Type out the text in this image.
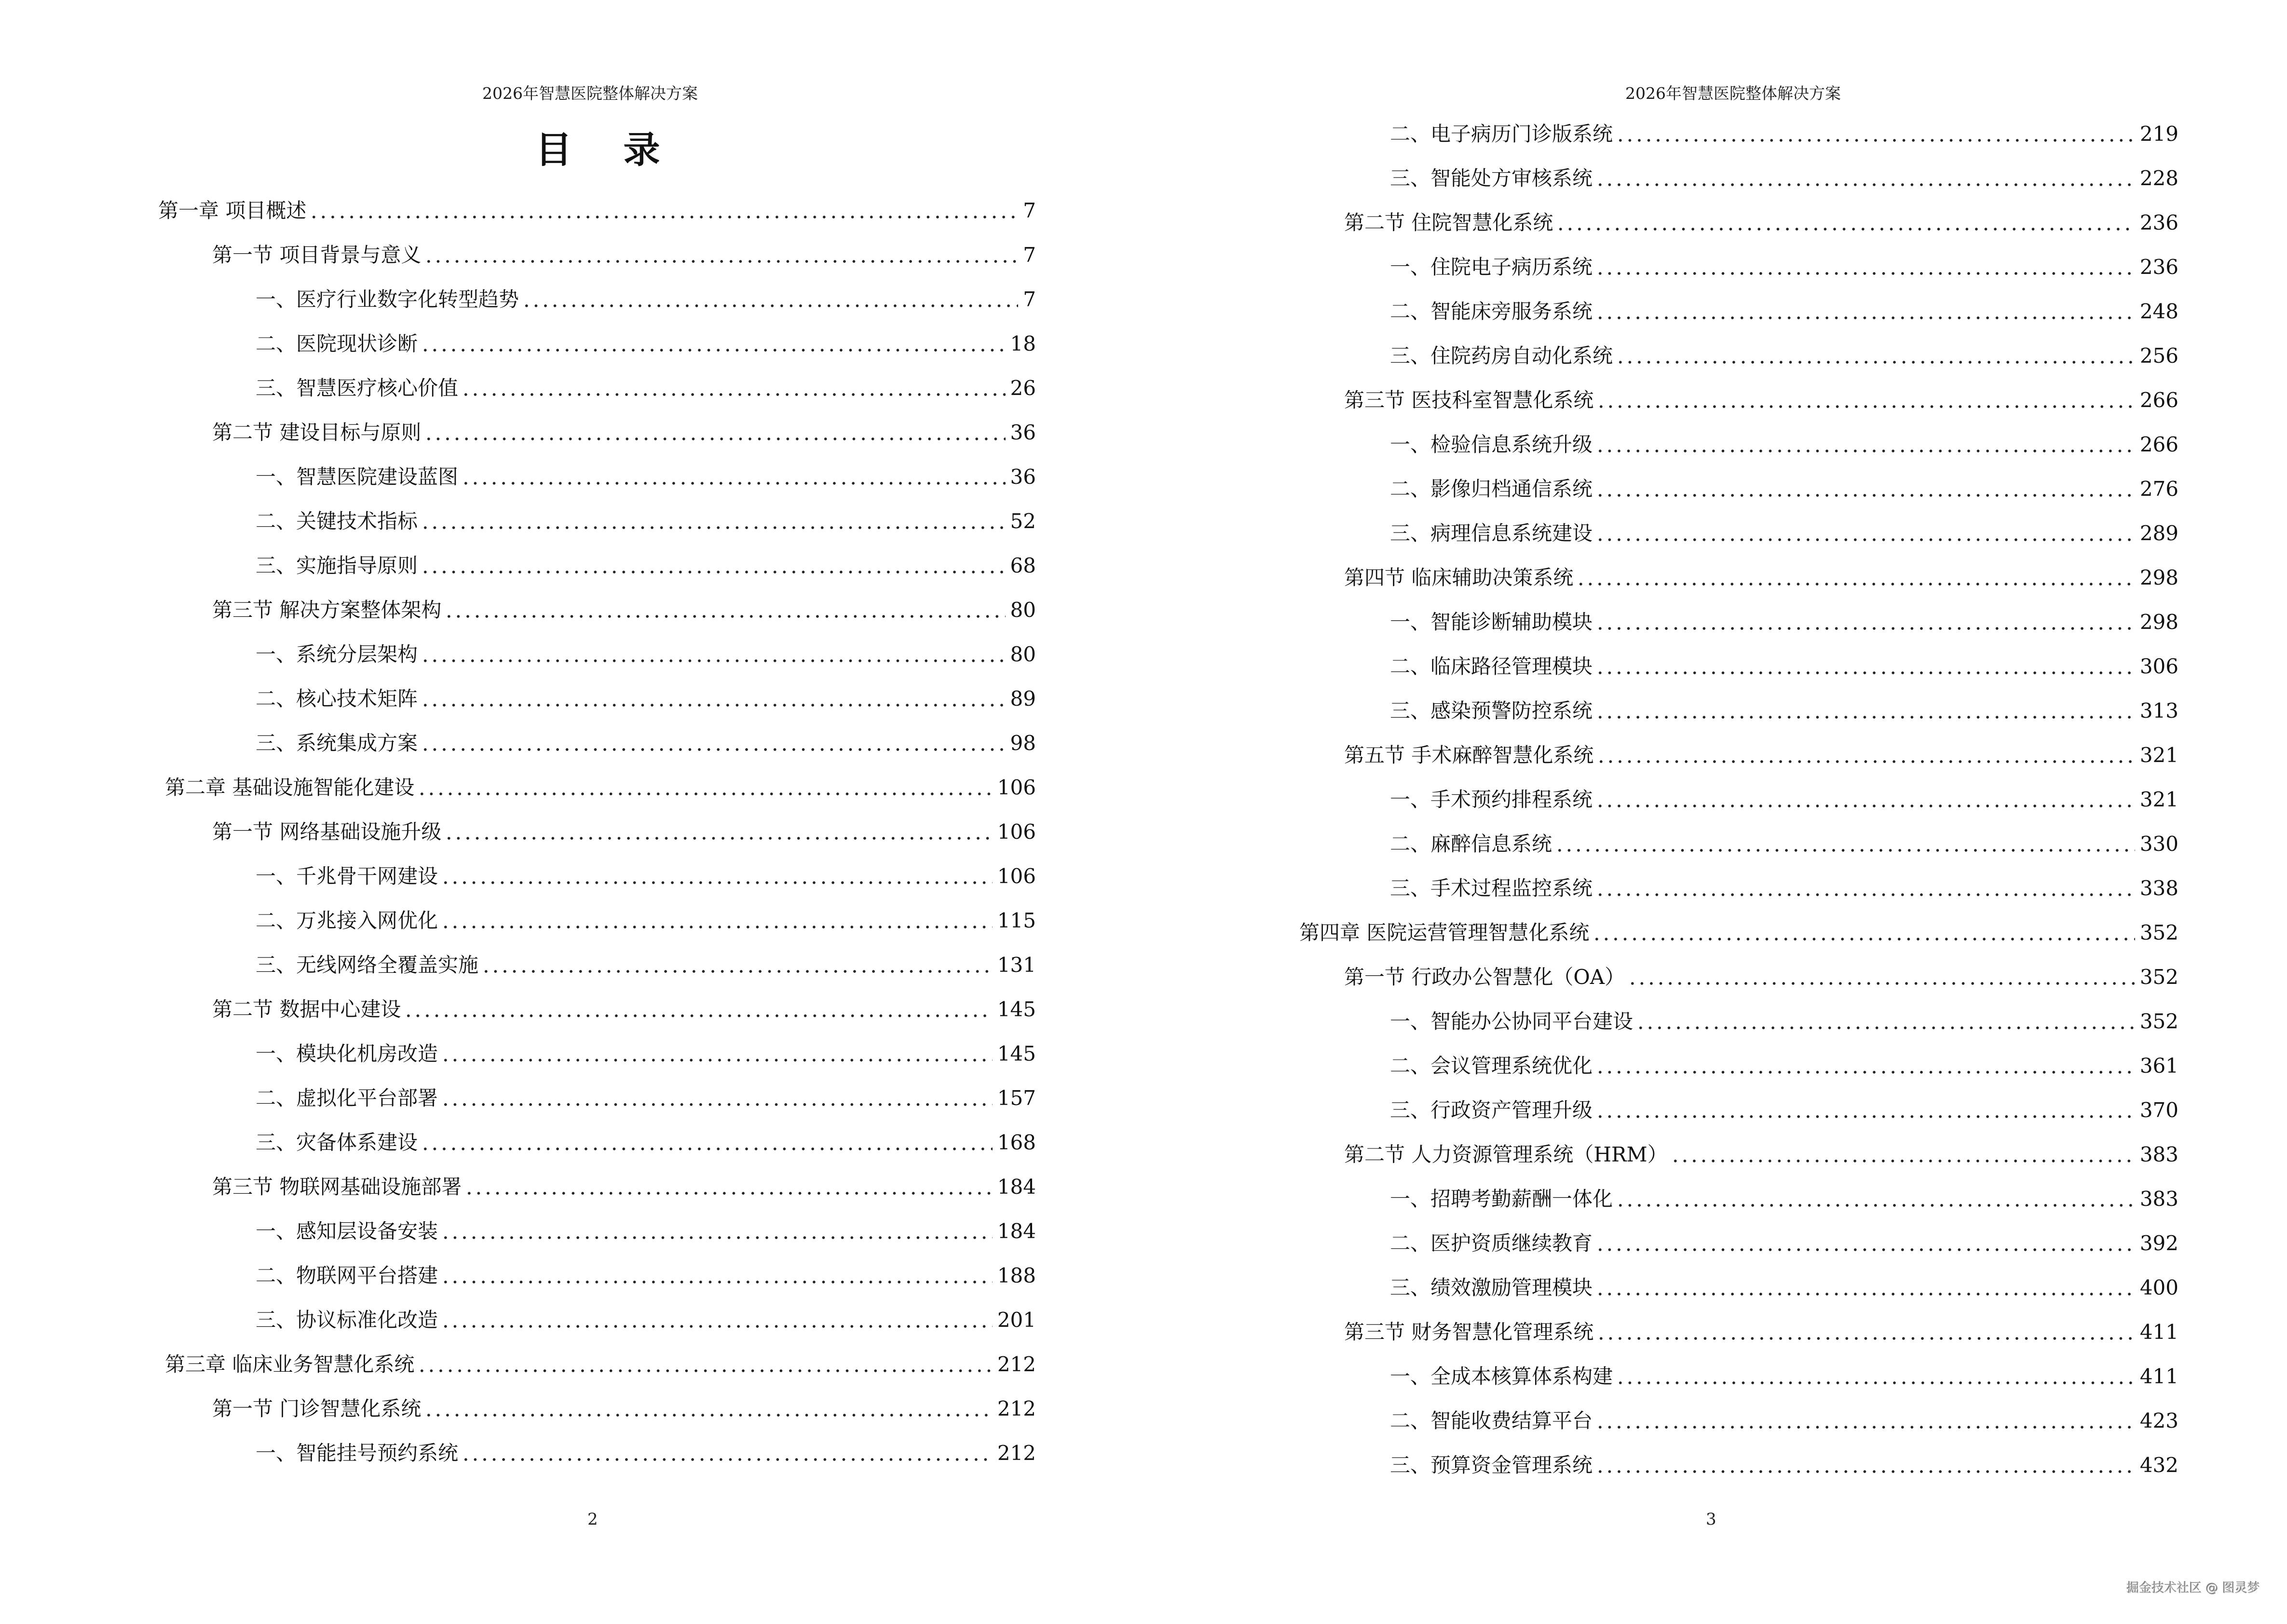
2026年智慧医院整体解决方案
目 录
第一章 项目概述	7
第一节 项目背景与意义	7
一、医疗行业数字化转型趋势	7
二、医院现状诊断	18
三、智慧医疗核心价值	26
第二节 建设目标与原则	36
一、智慧医院建设蓝图	36
二、关键技术指标	52
三、实施指导原则	68
第三节 解决方案整体架构	80
一、系统分层架构	80
二、核心技术矩阵	89
三、系统集成方案	98
第二章 基础设施智能化建设	106
第一节 网络基础设施升级	106
一、千兆骨干网建设	106
二、万兆接入网优化	115
三、无线网络全覆盖实施	131
第二节 数据中心建设	145
一、模块化机房改造	145
二、虚拟化平台部署	157
三、灾备体系建设	168
第三节 物联网基础设施部署	184
一、感知层设备安装	184
二、物联网平台搭建	188
三、协议标准化改造	201
第三章 临床业务智慧化系统	212
第一节 门诊智慧化系统	212
一、智能挂号预约系统	212
2
2026年智慧医院整体解决方案
二、电子病历门诊版系统	219
三、智能处方审核系统	228
第二节 住院智慧化系统	236
一、住院电子病历系统	236
二、智能床旁服务系统	248
三、住院药房自动化系统	256
第三节 医技科室智慧化系统	266
一、检验信息系统升级	266
二、影像归档通信系统	276
三、病理信息系统建设	289
第四节 临床辅助决策系统	298
一、智能诊断辅助模块	298
二、临床路径管理模块	306
三、感染预警防控系统	313
第五节 手术麻醉智慧化系统	321
一、手术预约排程系统	321
二、麻醉信息系统	330
三、手术过程监控系统	338
第四章 医院运营管理智慧化系统	352
第一节 行政办公智慧化（OA）	352
一、智能办公协同平台建设	352
二、会议管理系统优化	361
三、行政资产管理升级	370
第二节 人力资源管理系统（HRM）	383
一、招聘考勤薪酬一体化	383
二、医护资质继续教育	392
三、绩效激励管理模块	400
第三节 财务智慧化管理系统	411
一、全成本核算体系构建	411
二、智能收费结算平台	423
三、预算资金管理系统	432
3
掘金技术社区 @ 图灵梦
